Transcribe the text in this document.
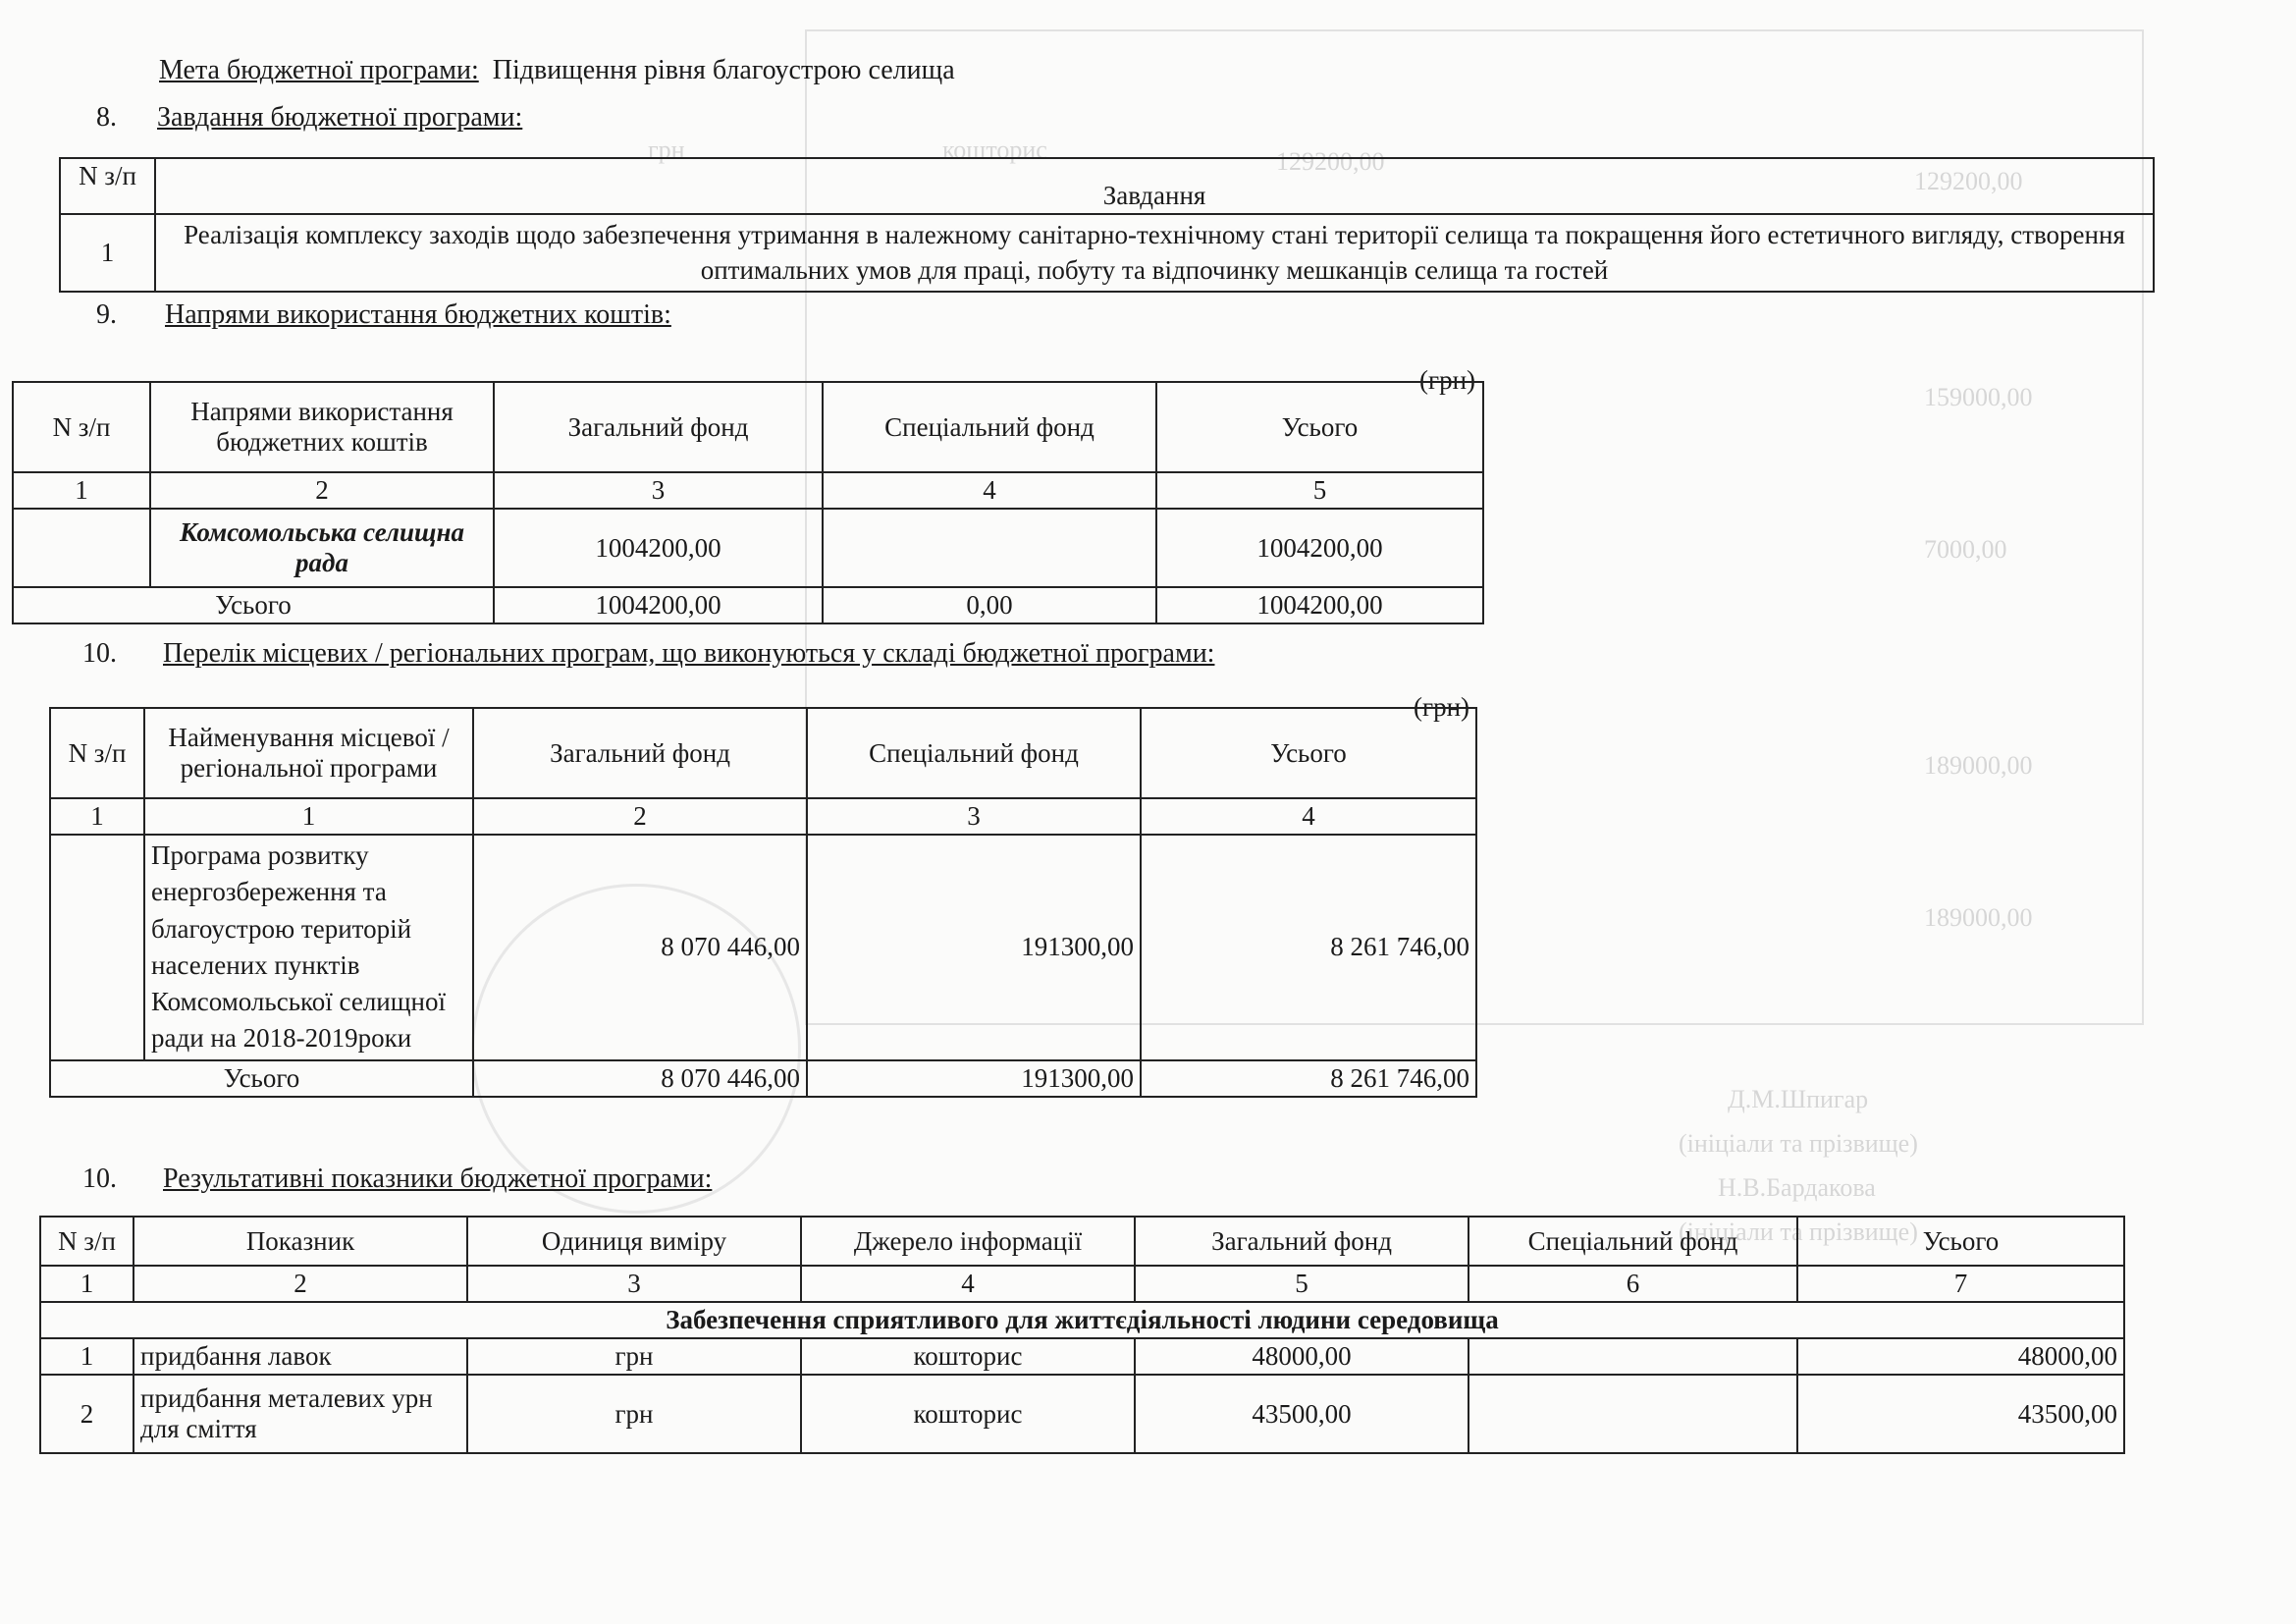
грн	кошторис	129200,00
129200,00
159000,00
7000,00
189000,00
189000,00
Д.М.Шпигар
(ініціали та прізвище)
Н.В.Бардакова
(ініціали та прізвище)
Мета бюджетної програми: Підвищення рівня благоустрою селища
8. Завдання бюджетної програми:
N з/п	Завдання
1	Реалізація комплексу заходів щодо забезпечення утримання в належному санітарно-технічному стані території селища та покращення його естетичного вигляду, створення оптимальних умов для праці, побуту та відпочинку мешканців селища та гостей
9. Напрями використання бюджетних коштів:
(грн)
N з/п	Напрями використання бюджетних коштів	Загальний фонд	Спеціальний фонд	Усього
1	2	3	4	5
	Комсомольська селищна рада	1004200,00		1004200,00
Усього		1004200,00	0,00	1004200,00
10. Перелік місцевих / регіональних програм, що виконуються у складі бюджетної програми:
(грн)
N з/п	Найменування місцевої / регіональної програми	Загальний фонд	Спеціальний фонд	Усього
1	1	2	3	4
	Програма розвитку енергозбереження та благоустрою територій населених пунктів Комсомольської селищної ради на 2018-2019роки	8 070 446,00	191300,00	8 261 746,00
Усього		8 070 446,00	191300,00	8 261 746,00
10. Результативні показники бюджетної програми:
N з/п	Показник	Одиниця виміру	Джерело інформації	Загальний фонд	Спеціальний фонд	Усього
1	2	3	4	5	6	7
Забезпечення сприятливого для життєдіяльності людини середовища						
1	придбання лавок	грн	кошторис	48000,00		48000,00
2	придбання металевих урн для сміття	грн	кошторис	43500,00		43500,00
